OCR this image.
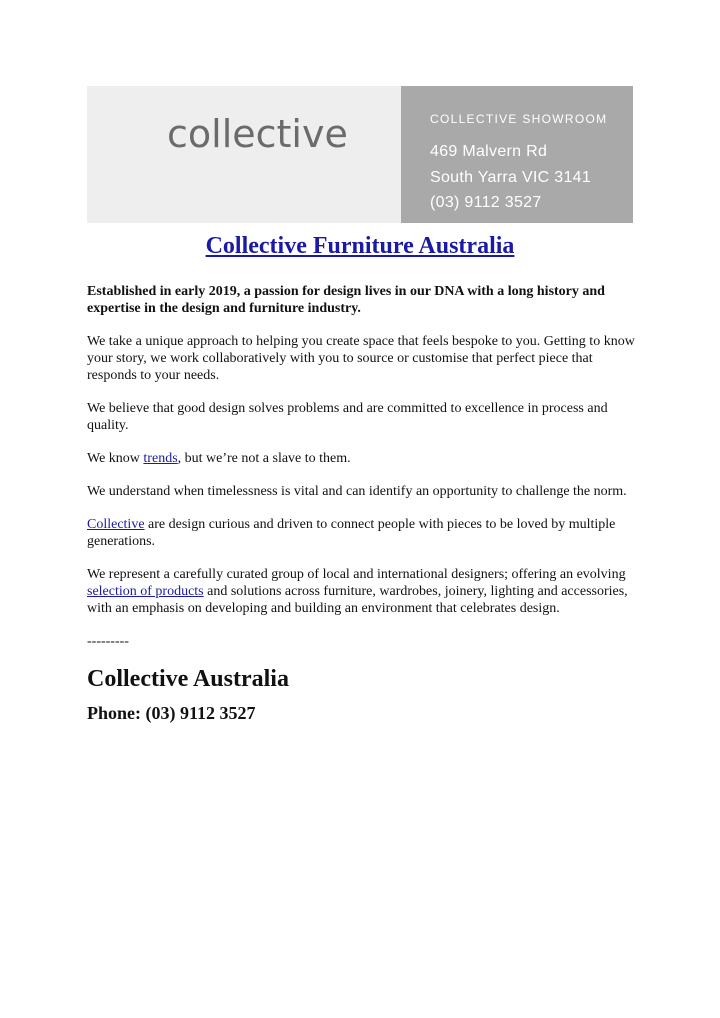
collective	COLLECTIVE SHOWROOM
469 Malvern Rd
South Yarra VIC 3141
(03) 9112 3527
Collective Furniture Australia

Established in early 2019, a passion for design lives in our DNA with a long history and expertise in the design and furniture industry.

We take a unique approach to helping you create space that feels bespoke to you. Getting to know your story, we work collaboratively with you to source or customise that perfect piece that responds to your needs.

We believe that good design solves problems and are committed to excellence in process and quality.

We know trends, but we’re not a slave to them.

We understand when timelessness is vital and can identify an opportunity to challenge the norm.

Collective are design curious and driven to connect people with pieces to be loved by multiple generations.

We represent a carefully curated group of local and international designers; offering an evolving selection of products and solutions across furniture, wardrobes, joinery, lighting and accessories, with an emphasis on developing and building an environment that celebrates design.

---------
Collective Australia
Phone: (03) 9112 3527
